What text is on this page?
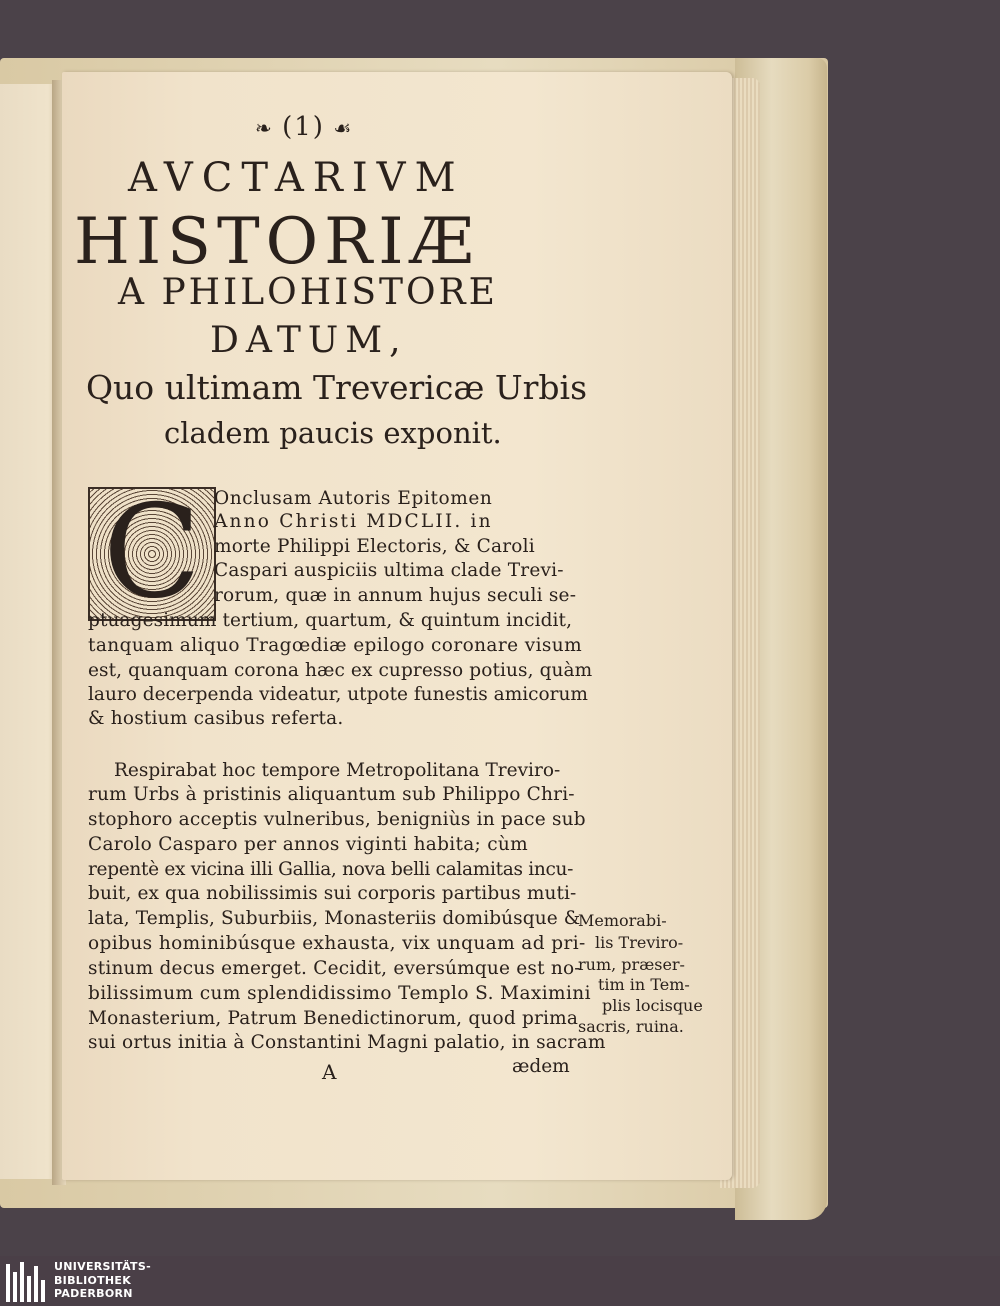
❧ (1) ☙
AVCTARIVM
HISTORIÆ
A PHILOHISTORE
DATUM,
Quo ultimam Trevericæ Urbis
cladem paucis exponit.
C Onclusam Autoris Epitomen
Anno Christi MDCLII. in
morte Philippi Electoris, & Caroli
Caspari auspiciis ultima clade Trevi-
rorum, quæ in annum hujus seculi se-
ptuagesimum tertium, quartum, & quintum incidit,
tanquam aliquo Tragœdiæ epilogo coronare visum
est, quanquam corona hæc ex cupresso potius, quàm
lauro decerpenda videatur, utpote funestis amicorum
& hostium casibus referta.
Respirabat hoc tempore Metropolitana Treviro-
rum Urbs à pristinis aliquantum sub Philippo Chri-
stophoro acceptis vulneribus, benigniùs in pace sub
Carolo Casparo per annos viginti habita; cùm
repentè ex vicina illi Gallia, nova belli calamitas incu-
buit, ex qua nobilissimis sui corporis partibus muti-
lata, Templis, Suburbiis, Monasteriis domibúsque &
opibus hominibúsque exhausta, vix unquam ad pri-
stinum decus emerget. Cecidit, eversúmque est no-
bilissimum cum splendidissimo Templo S. Maximini
Monasterium, Patrum Benedictinorum, quod prima
sui ortus initia à Constantini Magni palatio, in sacram
Memorabi-
lis Treviro-
rum, præser-
tim in Tem-
plis locisque
sacris, ruina.
A	ædem
UNIVERSITÄTS-
BIBLIOTHEK
PADERBORN
